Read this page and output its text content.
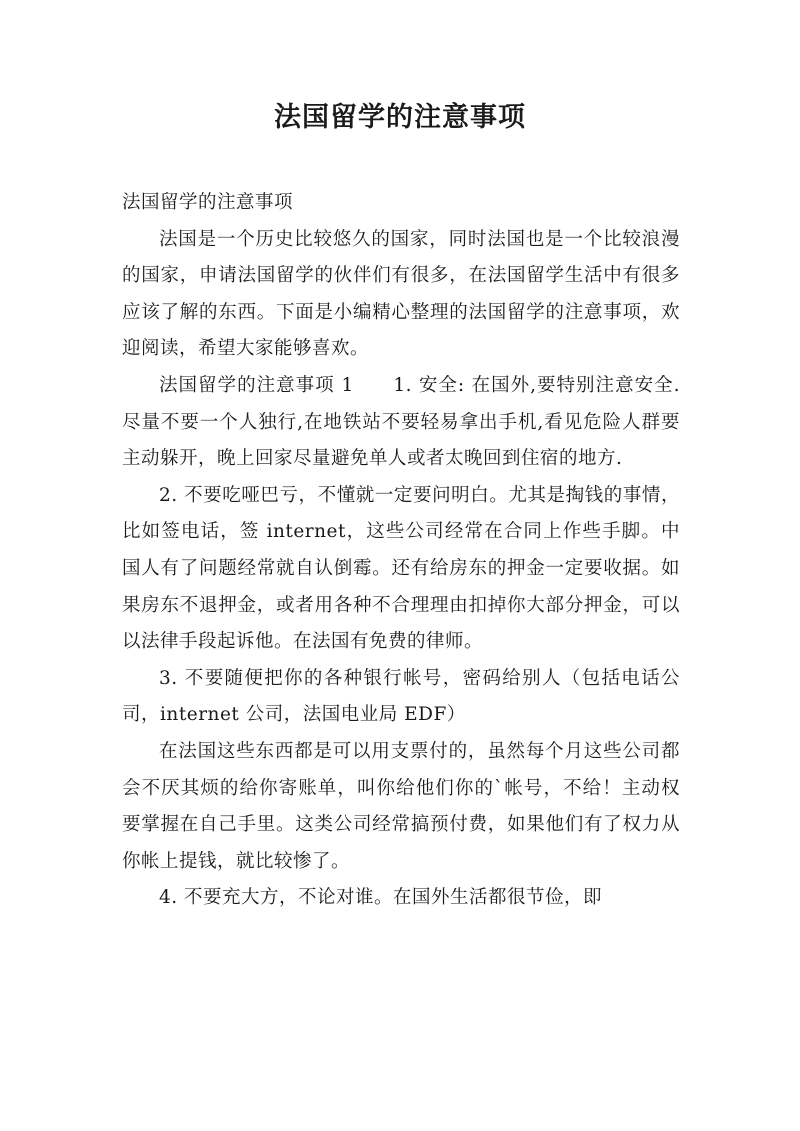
法国留学的注意事项

法国留学的注意事项

法国是一个历史比较悠久的国家，同时法国也是一个比较浪漫的国家，申请法国留学的伙伴们有很多，在法国留学生活中有很多应该了解的东西。下面是小编精心整理的法国留学的注意事项，欢迎阅读，希望大家能够喜欢。

法国留学的注意事项 1　　1. 安全: 在国外,要特别注意安全. 尽量不要一个人独行,在地铁站不要轻易拿出手机,看见危险人群要主动躲开，晚上回家尽量避免单人或者太晚回到住宿的地方.

2. 不要吃哑巴亏，不懂就一定要问明白。尤其是掏钱的事情，比如签电话，签 internet，这些公司经常在合同上作些手脚。中国人有了问题经常就自认倒霉。还有给房东的押金一定要收据。如果房东不退押金，或者用各种不合理理由扣掉你大部分押金，可以以法律手段起诉他。在法国有免费的律师。

3. 不要随便把你的各种银行帐号，密码给别人（包括电话公司，internet 公司，法国电业局 EDF）

在法国这些东西都是可以用支票付的，虽然每个月这些公司都会不厌其烦的给你寄账单，叫你给他们你的`帐号，不给！主动权要掌握在自己手里。这类公司经常搞预付费，如果他们有了权力从你帐上提钱，就比较惨了。

4. 不要充大方，不论对谁。在国外生活都很节俭，即
